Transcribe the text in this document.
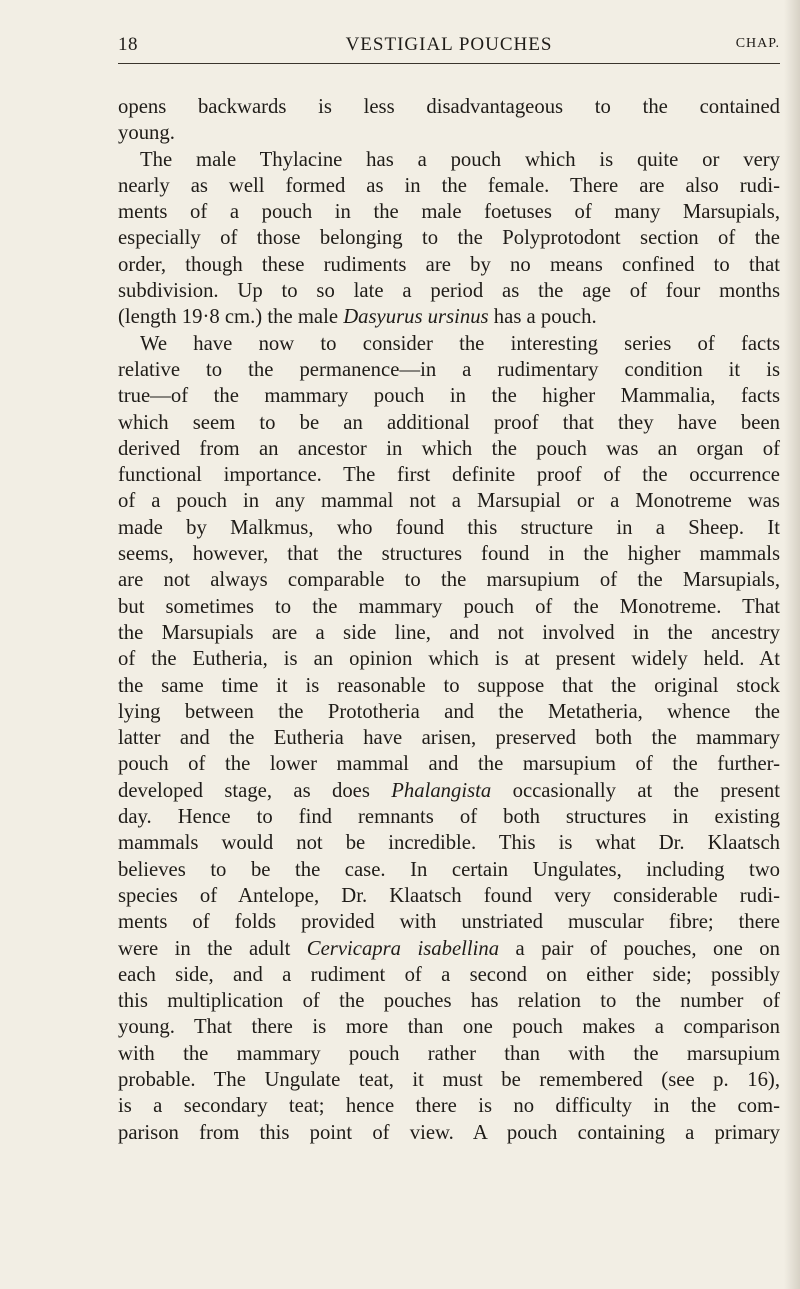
18	VESTIGIAL POUCHES	CHAP.
opens backwards is less disadvantageous to the contained
young.
The male Thylacine has a pouch which is quite or very
nearly as well formed as in the female. There are also rudi-
ments of a pouch in the male foetuses of many Marsupials,
especially of those belonging to the Polyprotodont section of the
order, though these rudiments are by no means confined to that
subdivision. Up to so late a period as the age of four months
(length 19·8 cm.) the male Dasyurus ursinus has a pouch.
We have now to consider the interesting series of facts
relative to the permanence—in a rudimentary condition it is
true—of the mammary pouch in the higher Mammalia, facts
which seem to be an additional proof that they have been
derived from an ancestor in which the pouch was an organ of
functional importance. The first definite proof of the occurrence
of a pouch in any mammal not a Marsupial or a Monotreme was
made by Malkmus, who found this structure in a Sheep. It
seems, however, that the structures found in the higher mammals
are not always comparable to the marsupium of the Marsupials,
but sometimes to the mammary pouch of the Monotreme. That
the Marsupials are a side line, and not involved in the ancestry
of the Eutheria, is an opinion which is at present widely held. At
the same time it is reasonable to suppose that the original stock
lying between the Prototheria and the Metatheria, whence the
latter and the Eutheria have arisen, preserved both the mammary
pouch of the lower mammal and the marsupium of the further-
developed stage, as does Phalangista occasionally at the present
day. Hence to find remnants of both structures in existing
mammals would not be incredible. This is what Dr. Klaatsch
believes to be the case. In certain Ungulates, including two
species of Antelope, Dr. Klaatsch found very considerable rudi-
ments of folds provided with unstriated muscular fibre; there
were in the adult Cervicapra isabellina a pair of pouches, one on
each side, and a rudiment of a second on either side; possibly
this multiplication of the pouches has relation to the number of
young. That there is more than one pouch makes a comparison
with the mammary pouch rather than with the marsupium
probable. The Ungulate teat, it must be remembered (see p. 16),
is a secondary teat; hence there is no difficulty in the com-
parison from this point of view. A pouch containing a primary
